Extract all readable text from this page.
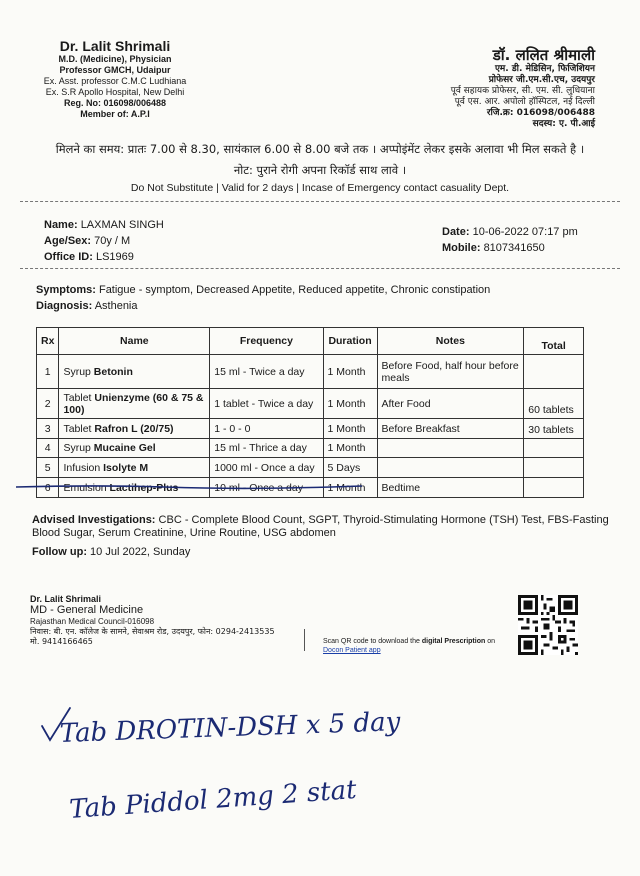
Dr. Lalit Shrimali
M.D. (Medicine), Physician
Professor GMCH, Udaipur
Ex. Asst. professor C.M.C Ludhiana
Ex. S.R Apollo Hospital, New Delhi
Reg. No: 016098/006488
Member of: A.P.I
डॉ. ललित श्रीमाली
एम. डी. मेडिसिन, फिजिशियन
प्रोफेसर जी.एम.सी.एच, उदयपुर
पूर्व सहायक प्रोफेसर, सी. एम. सी. लुधियाना
पूर्व एस. आर. अपोलो हॉस्पिटल, नई दिल्ली
रजि.क्र: 016098/006488
सदस्य: ए. पी.आई
मिलने का समय: प्रातः 7.00 से 8.30, सायंकाल 6.00 से 8.00 बजे तक । अप्पोइंमेंट लेकर इसके अलावा भी मिल सकते है ।
नोट: पुराने रोगी अपना रिकॉर्ड साथ लावे ।
Do Not Substitute | Valid for 2 days | Incase of Emergency contact casuality Dept.
Name: LAXMAN SINGH
Age/Sex: 70y / M
Office ID: LS1969
Date: 10-06-2022 07:17 pm
Mobile: 8107341650
Symptoms: Fatigue - symptom, Decreased Appetite, Reduced appetite, Chronic constipation
Diagnosis: Asthenia
Rx	Name	Frequency	Duration	Notes	Total
1	Syrup Betonin	15 ml - Twice a day	1 Month	Before Food, half hour before meals	
2	Tablet Unienzyme (60 & 75 & 100)	1 tablet - Twice a day	1 Month	After Food	60 tablets
3	Tablet Rafron L (20/75)	1 - 0 - 0	1 Month	Before Breakfast	30 tablets
4	Syrup Mucaine Gel	15 ml - Thrice a day	1 Month		
5	Infusion Isolyte M	1000 ml - Once a day	5 Days		
6	Emulsion Lactihep-Plus	10 ml - Once a day	1 Month	Bedtime	
Advised Investigations: CBC - Complete Blood Count, SGPT, Thyroid-Stimulating Hormone (TSH) Test, FBS-Fasting Blood Sugar, Serum Creatinine, Urine Routine, USG abdomen
Follow up: 10 Jul 2022, Sunday
Dr. Lalit Shrimali
MD - General Medicine
Rajasthan Medical Council-016098
निवास: बी. एन. कॉलेज के सामने, सेवाश्रम रोड, उदयपुर, फोन: 0294-2413535
मो. 9414166465	Scan QR code to download the digital Prescription on
Docon Patient app
Tab DROTIN-DSH x 5 day
Tab Piddol 2mg 2 stat
